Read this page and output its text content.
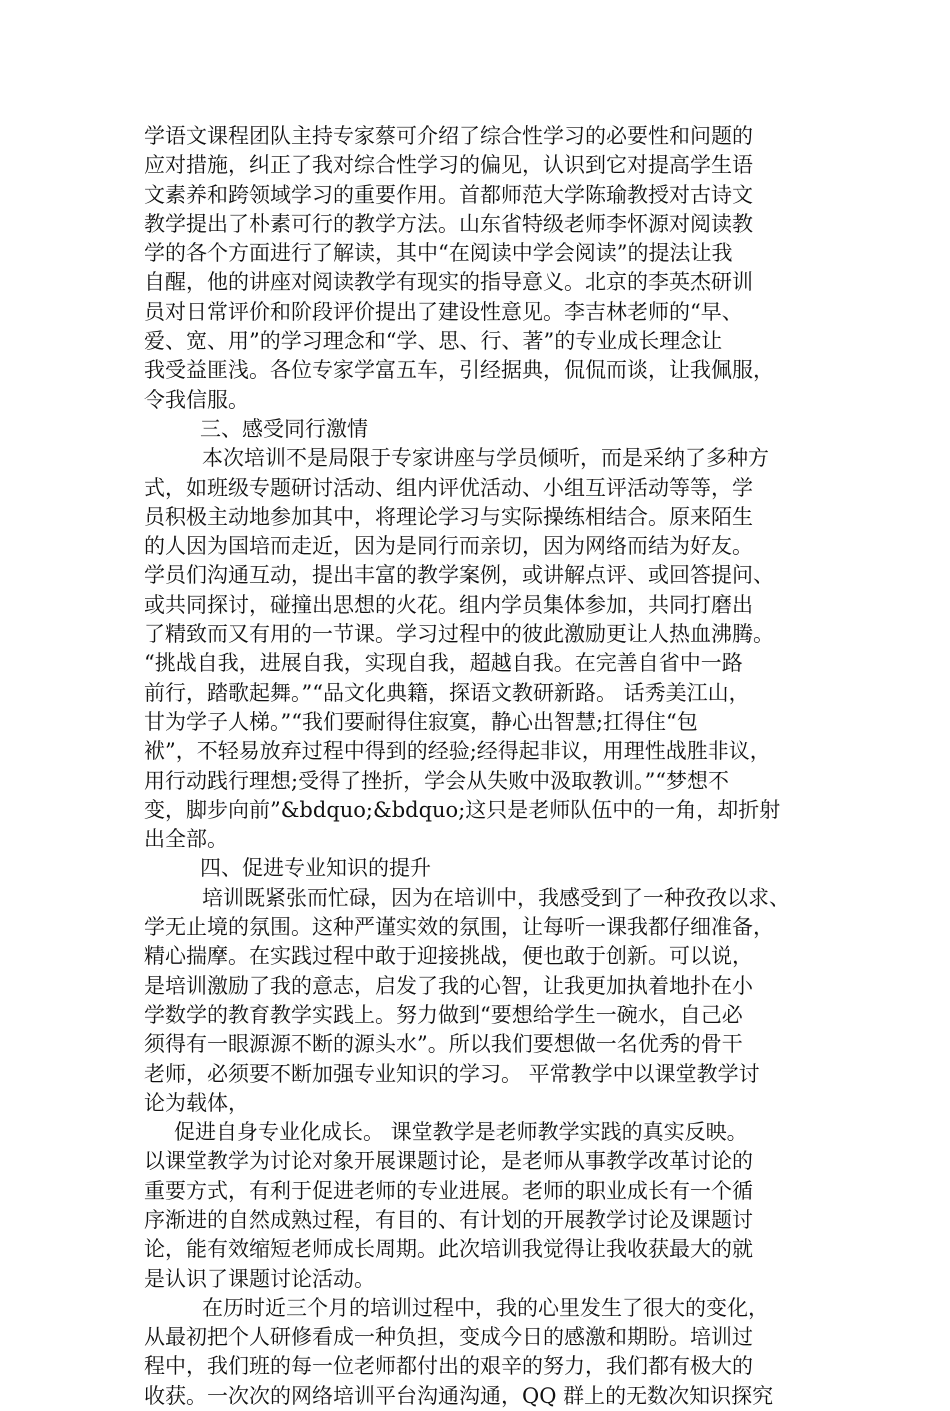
学语文课程团队主持专家蔡可介绍了综合性学习的必要性和问题的
应对措施，纠正了我对综合性学习的偏见，认识到它对提高学生语
文素养和跨领域学习的重要作用。首都师范大学陈瑜教授对古诗文
教学提出了朴素可行的教学方法。山东省特级老师李怀源对阅读教
学的各个方面进行了解读，其中“在阅读中学会阅读”的提法让我
自醒，他的讲座对阅读教学有现实的指导意义。北京的李英杰研训
员对日常评价和阶段评价提出了建设性意见。李吉林老师的“早、
爱、宽、用”的学习理念和“学、思、行、著”的专业成长理念让
我受益匪浅。各位专家学富五车，引经据典，侃侃而谈，让我佩服，
令我信服。
三、感受同行激情
本次培训不是局限于专家讲座与学员倾听，而是采纳了多种方
式，如班级专题研讨活动、组内评优活动、小组互评活动等等，学
员积极主动地参加其中，将理论学习与实际操练相结合。原来陌生
的人因为国培而走近，因为是同行而亲切，因为网络而结为好友。
学员们沟通互动，提出丰富的教学案例，或讲解点评、或回答提问、
或共同探讨，碰撞出思想的火花。组内学员集体参加，共同打磨出
了精致而又有用的一节课。学习过程中的彼此激励更让人热血沸腾。
“挑战自我，进展自我，实现自我，超越自我。在完善自省中一路
前行，踏歌起舞。”“品文化典籍，探语文教研新路。 话秀美江山，
甘为学子人梯。”“我们要耐得住寂寞，静心出智慧;扛得住“包
袱”，不轻易放弃过程中得到的经验;经得起非议，用理性战胜非议，
用行动践行理想;受得了挫折，学会从失败中汲取教训。”“梦想不
变，脚步向前”&bdquo;&bdquo;这只是老师队伍中的一角，却折射
出全部。
四、促进专业知识的提升
培训既紧张而忙碌，因为在培训中，我感受到了一种孜孜以求、
学无止境的氛围。这种严谨实效的氛围，让每听一课我都仔细准备，
精心揣摩。在实践过程中敢于迎接挑战，便也敢于创新。可以说，
是培训激励了我的意志，启发了我的心智，让我更加执着地扑在小
学数学的教育教学实践上。努力做到“要想给学生一碗水，自己必
须得有一眼源源不断的源头水”。所以我们要想做一名优秀的骨干
老师，必须要不断加强专业知识的学习。 平常教学中以课堂教学讨
论为载体，
促进自身专业化成长。 课堂教学是老师教学实践的真实反映。
以课堂教学为讨论对象开展课题讨论，是老师从事教学改革讨论的
重要方式，有利于促进老师的专业进展。老师的职业成长有一个循
序渐进的自然成熟过程，有目的、有计划的开展教学讨论及课题讨
论，能有效缩短老师成长周期。此次培训我觉得让我收获最大的就
是认识了课题讨论活动。
在历时近三个月的培训过程中，我的心里发生了很大的变化，
从最初把个人研修看成一种负担，变成今日的感激和期盼。培训过
程中，我们班的每一位老师都付出的艰辛的努力，我们都有极大的
收获。一次次的网络培训平台沟通沟通，QQ 群上的无数次知识探究
